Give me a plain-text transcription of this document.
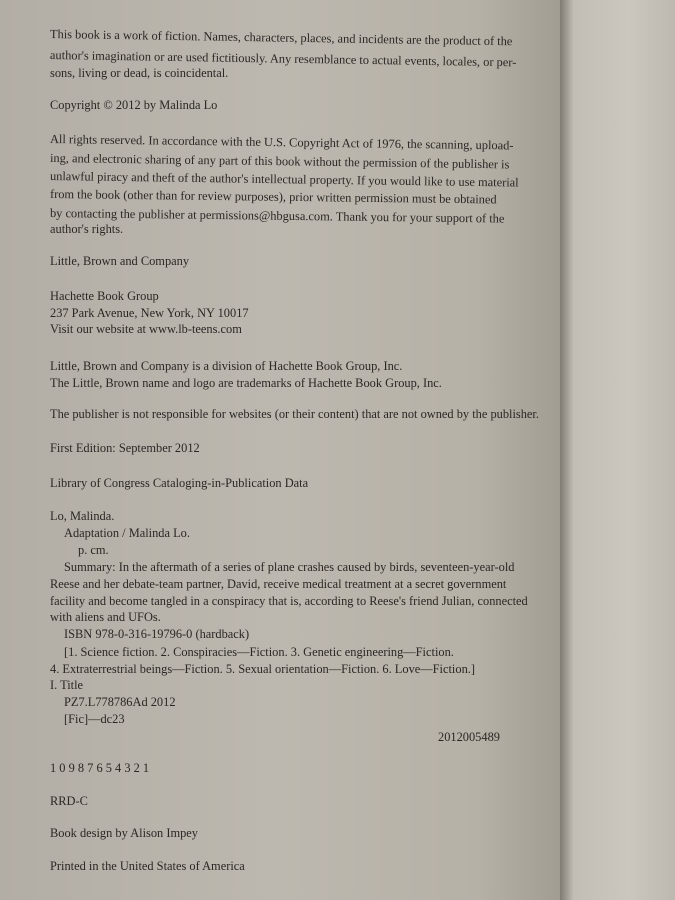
This book is a work of fiction. Names, characters, places, and incidents are the product of the
author's imagination or are used fictitiously. Any resemblance to actual events, locales, or per-
sons, living or dead, is coincidental.
Copyright © 2012 by Malinda Lo
All rights reserved. In accordance with the U.S. Copyright Act of 1976, the scanning, upload-
ing, and electronic sharing of any part of this book without the permission of the publisher is
unlawful piracy and theft of the author's intellectual property. If you would like to use material
from the book (other than for review purposes), prior written permission must be obtained
by contacting the publisher at permissions@hbgusa.com. Thank you for your support of the
author's rights.
Little, Brown and Company
Hachette Book Group
237 Park Avenue, New York, NY 10017
Visit our website at www.lb-teens.com
Little, Brown and Company is a division of Hachette Book Group, Inc.
The Little, Brown name and logo are trademarks of Hachette Book Group, Inc.
The publisher is not responsible for websites (or their content) that are not owned by the publisher.
First Edition: September 2012
Library of Congress Cataloging-in-Publication Data
Lo, Malinda.
Adaptation / Malinda Lo.
p. cm.
Summary: In the aftermath of a series of plane crashes caused by birds, seventeen-year-old
Reese and her debate-team partner, David, receive medical treatment at a secret government
facility and become tangled in a conspiracy that is, according to Reese's friend Julian, connected
with aliens and UFOs.
ISBN 978-0-316-19796-0 (hardback)
[1. Science fiction. 2. Conspiracies—Fiction. 3. Genetic engineering—Fiction.
4. Extraterrestrial beings—Fiction. 5. Sexual orientation—Fiction. 6. Love—Fiction.]
I. Title
PZ7.L778786Ad 2012
[Fic]—dc23
2012005489
1 0 9 8 7 6 5 4 3 2 1
RRD-C
Book design by Alison Impey
Printed in the United States of America
